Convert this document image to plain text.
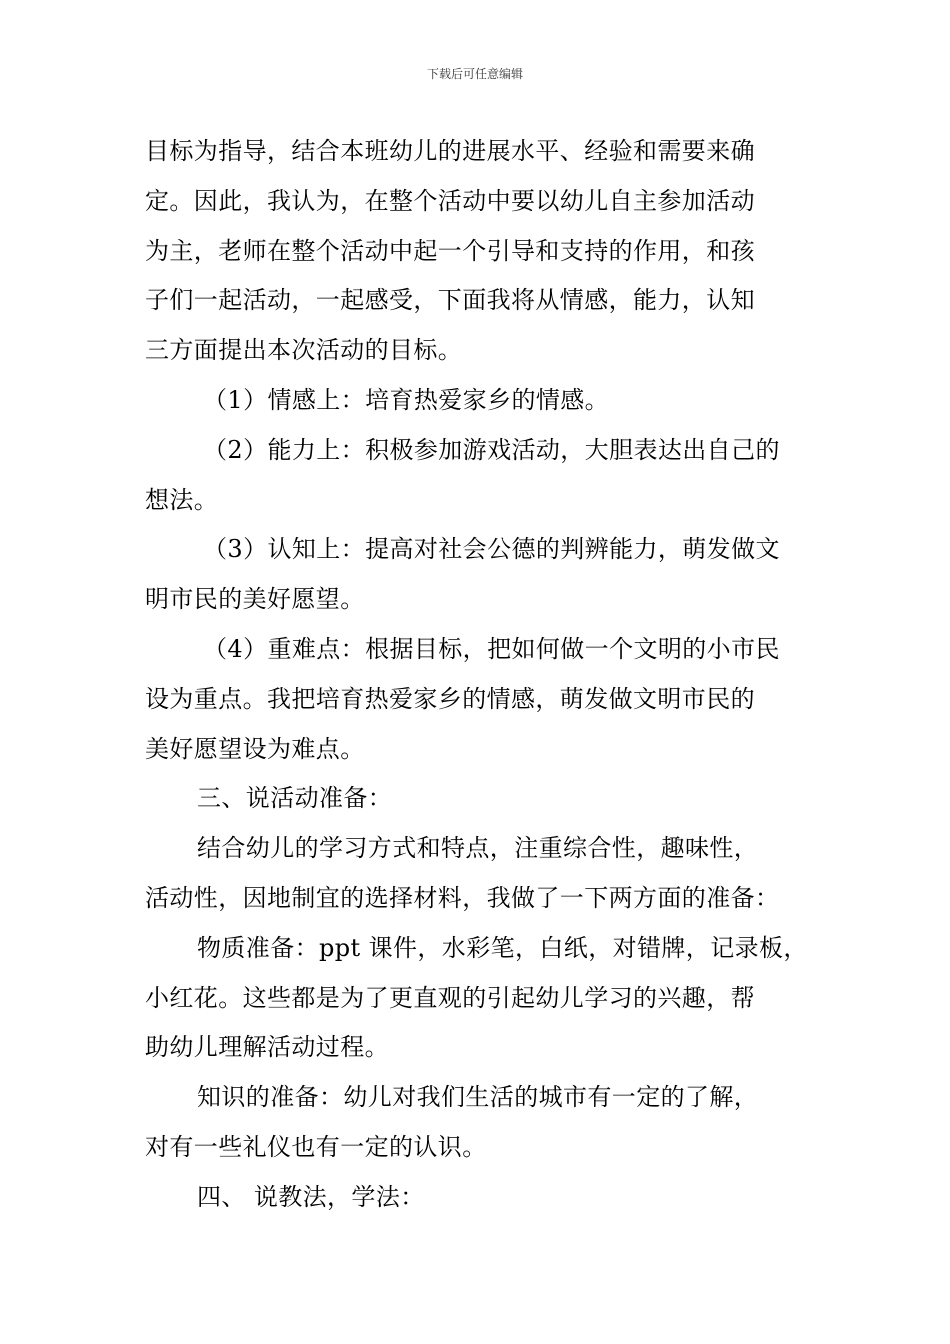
下载后可任意编辑

目标为指导，结合本班幼儿的进展水平、经验和需要来确

定。因此，我认为，在整个活动中要以幼儿自主参加活动

为主，老师在整个活动中起一个引导和支持的作用，和孩

子们一起活动，一起感受，下面我将从情感，能力，认知

三方面提出本次活动的目标。

（1）情感上：培育热爱家乡的情感。

（2）能力上：积极参加游戏活动，大胆表达出自己的

想法。

（3）认知上：提高对社会公德的判辨能力，萌发做文

明市民的美好愿望。

（4）重难点：根据目标，把如何做一个文明的小市民

设为重点。我把培育热爱家乡的情感，萌发做文明市民的

美好愿望设为难点。

三、说活动准备：

结合幼儿的学习方式和特点，注重综合性，趣味性，

活动性，因地制宜的选择材料，我做了一下两方面的准备：

物质准备：ppt 课件，水彩笔，白纸，对错牌，记录板，

小红花。这些都是为了更直观的引起幼儿学习的兴趣，帮

助幼儿理解活动过程。

知识的准备：幼儿对我们生活的城市有一定的了解，

对有一些礼仪也有一定的认识。

四、 说教法，学法：
